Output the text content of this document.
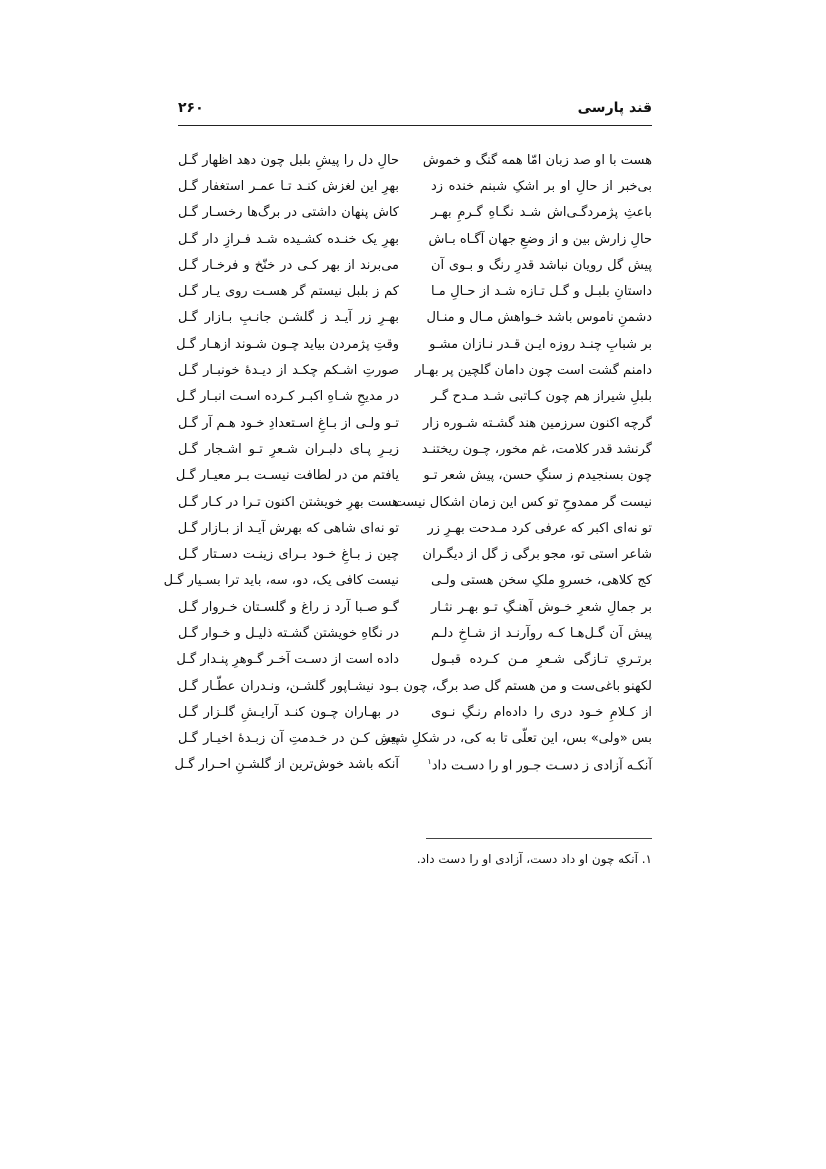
قند پارسی
۲۶۰
هست با او صد زبان امّا همه گنگ و خموش
حالِ دل را پیشِ بلبل چون دهد اظهار گـل
بی‌خبر از حالِ او بر اشکِ شبنم خنده زد
بهرِ این لغزش کنـد تـا عمـر استغفار گـل
باعثِ پژمردگـی‌اش شـد نگـاهِ گـرمِ بهـر
کاش پنهان داشتی در برگ‌ها رخسـار گـل
حالِ زارش بین و از وضعِ جهان آگـاه بـاش
بهرِ یک خنـده کشـیده شـد فـرازِ دار گـل
پیش گل رویان نباشد قدرِ رنگ و بـوی آن
می‌برند از بهر کـی در خنّخ و فرخـار گـل
داستانِ بلبـل و گـل تـازه شـد از حـالِ مـا
کم ز بلبل نیستم گر هسـت روی یـار گـل
دشمنِ ناموس باشد خـواهش مـال و منـال
بهـرِ زر آیـد ز گلشـن جانـبِ بـازار گـل
بر شبابِ چنـد روزه ایـن قـدر نـازان مشـو
وقتِ پژمردن بیاید چـون شـوند ازهـار گـل
دامنم گشت است چون دامان گلچین پر بهـار
صورتِ اشـکم چکـد از دیـدهٔ خونبـار گـل
بلبلِ شیراز هم چون کـاتبی شـد مـدح گـر
در مدیحِ شـاهِ اکبـر کـرده اسـت انبـار گـل
گرچه اکنون سرزمین هند گشـته شـوره زار
تـو ولـی از بـاغِ اسـتعدادِ خـود هـم آر گـل
گرنشد قدر کلامت، غم مخور، چـون ریختنـد
زیـرِ پـای دلبـران شـعرِ تـو اشـجار گـل
چون بسنجیدم ز سنگِ حسن، پیش شعر تـو
یافتم من در لطافت نیسـت بـر معیـار گـل
نیست گر ممدوحِ تو کس این زمان اشکال نیست
هست بهرِ خویشتن اکنون تـرا در کـار گـل
تو نه‌ای اکبر که عرفی کرد مـدحت بهـرِ زر
تو نه‌ای شاهی که بهرش آیـد از بـازار گـل
شاعر استی تو، مجو برگی ز گل از دیگـران
چین ز بـاغِ خـود بـرای زینـت دسـتار گـل
کج کلاهی، خسروِ ملکِ سخن هستی ولـی
نیست کافی یک، دو، سه، باید ترا بسـیار گـل
بر جمالِ شعرِ خـوش آهنـگِ تـو بهـر نثـار
گـو صـبا آرد ز راغ و گلسـتان خـروار گـل
پیش آن گـل‌هـا کـه روآرنـد از شـاخِ دلـم
در نگاهِ خویشتن گشـته ذلیـل و خـوار گـل
برتـریِ تـازگی شـعرِ مـن کـرده قبـول
داده است از دسـت آخـر گـوهرِ پنـدار گـل
لکهنو باغی‌ست و من هستم گل صد برگ، چون
بـود نیشـاپور گلشـن، ونـدران عطّـار گـل
از کـلامِ خـود دری را داده‌ام رنـگِ نـوی
در بهـاران چـون کنـد آرایـشِ گلـزار گـل
بس «ولی» بس، این تعلّی تا به کی، در شکلِ شعر
پیش کـن در خـدمتِ آن زبـدهٔ اخیـار گـل
آنکـه آزادی ز دسـت جـور او را دسـت داد$^۱$
آنکه باشد خوش‌ترین از گلشـنِ احـرار گـل
۱. آنکه چون او داد دست، آزادی او را دست داد.
